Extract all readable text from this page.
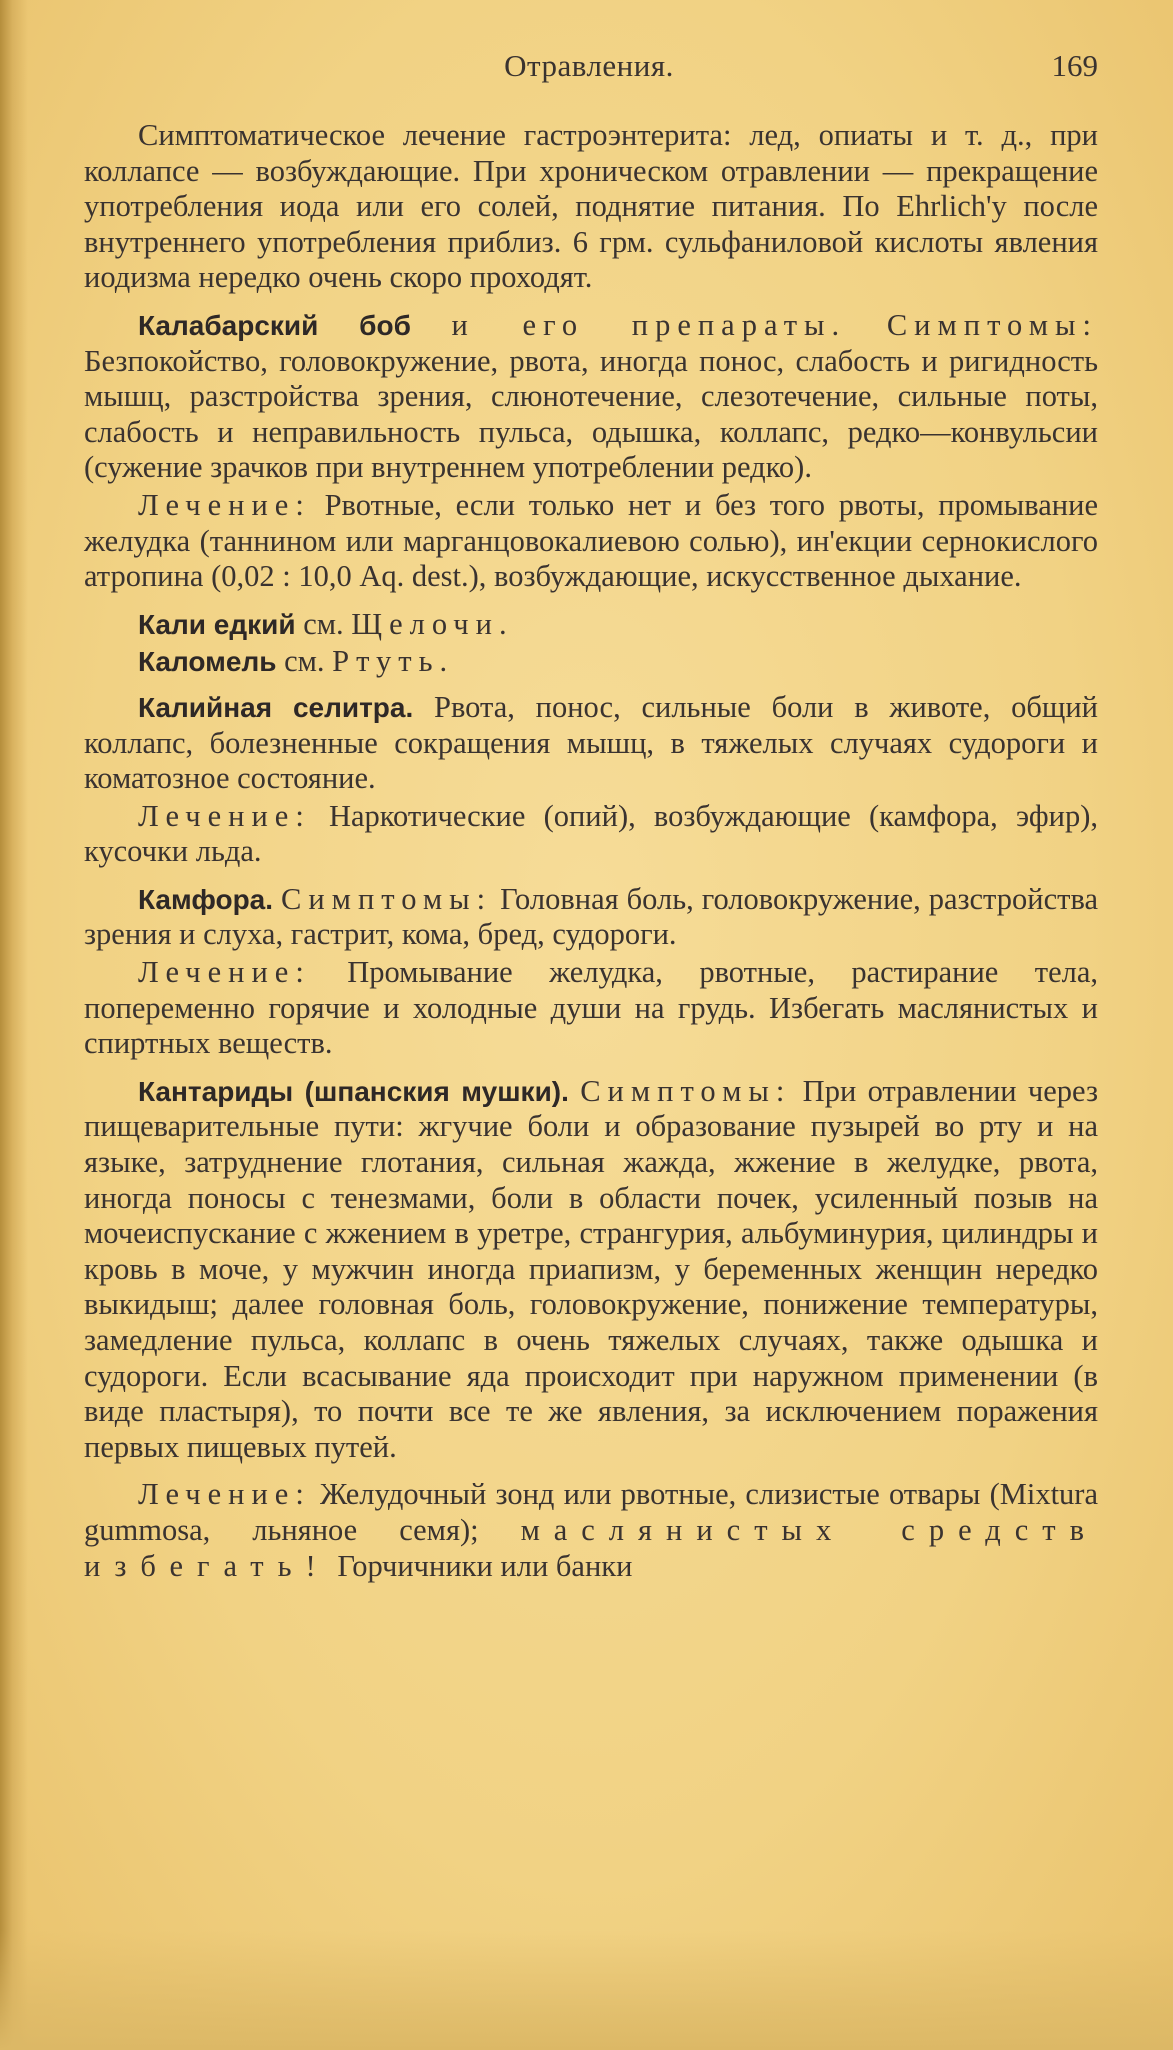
Отравления.	169

Симптоматическое лечение гастроэнтерита: лед, опиаты и т. д., при коллапсе — возбуждающие. При хроническом отравлении — прекращение употребления иода или его солей, поднятие питания. По Ehrlich'y после внутреннего употребления приблиз. 6 грм. сульфаниловой кислоты явления иодизма нередко очень скоро проходят.

Калабарский боб и его препараты. Симптомы: Безпокойство, головокружение, рвота, иногда понос, слабость и ригидность мышц, разстройства зрения, слюнотечение, слезотечение, сильные поты, слабость и неправильность пульса, одышка, коллапс, редко—конвульсии (сужение зрачков при внутреннем употреблении редко).

Лечение: Рвотные, если только нет и без того рвоты, промывание желудка (таннином или марганцовокалиевою солью), ин'екции сернокислого атропина (0,02 : 10,0 Aq. dest.), возбуждающие, искусственное дыхание.

Кали едкий см. Щелочи.

Каломель см. Ртуть.

Калийная селитра. Рвота, понос, сильные боли в животе, общий коллапс, болезненные сокращения мышц, в тяжелых случаях судороги и коматозное состояние.

Лечение: Наркотические (опий), возбуждающие (камфора, эфир), кусочки льда.

Камфора. Симптомы: Головная боль, головокружение, разстройства зрения и слуха, гастрит, кома, бред, судороги.

Лечение: Промывание желудка, рвотные, растирание тела, попеременно горячие и холодные души на грудь. Избегать маслянистых и спиртных веществ.

Кантариды (шпанския мушки). Симптомы: При отравлении через пищеварительные пути: жгучие боли и образование пузырей во рту и на языке, затруднение глотания, сильная жажда, жжение в желудке, рвота, иногда поносы с тенезмами, боли в области почек, усиленный позыв на мочеиспускание с жжением в уретре, странгурия, альбуминурия, цилиндры и кровь в моче, у мужчин иногда приапизм, у беременных женщин нередко выкидыш; далее головная боль, головокружение, понижение температуры, замедление пульса, коллапс в очень тяжелых случаях, также одышка и судороги. Если всасывание яда происходит при наружном применении (в виде пластыря), то почти все те же явления, за исключением поражения первых пищевых путей.

Лечение: Желудочный зонд или рвотные, слизистые отвары (Mixtura gummosa, льняное семя); маслянистых средств избегать! Горчичники или банки
